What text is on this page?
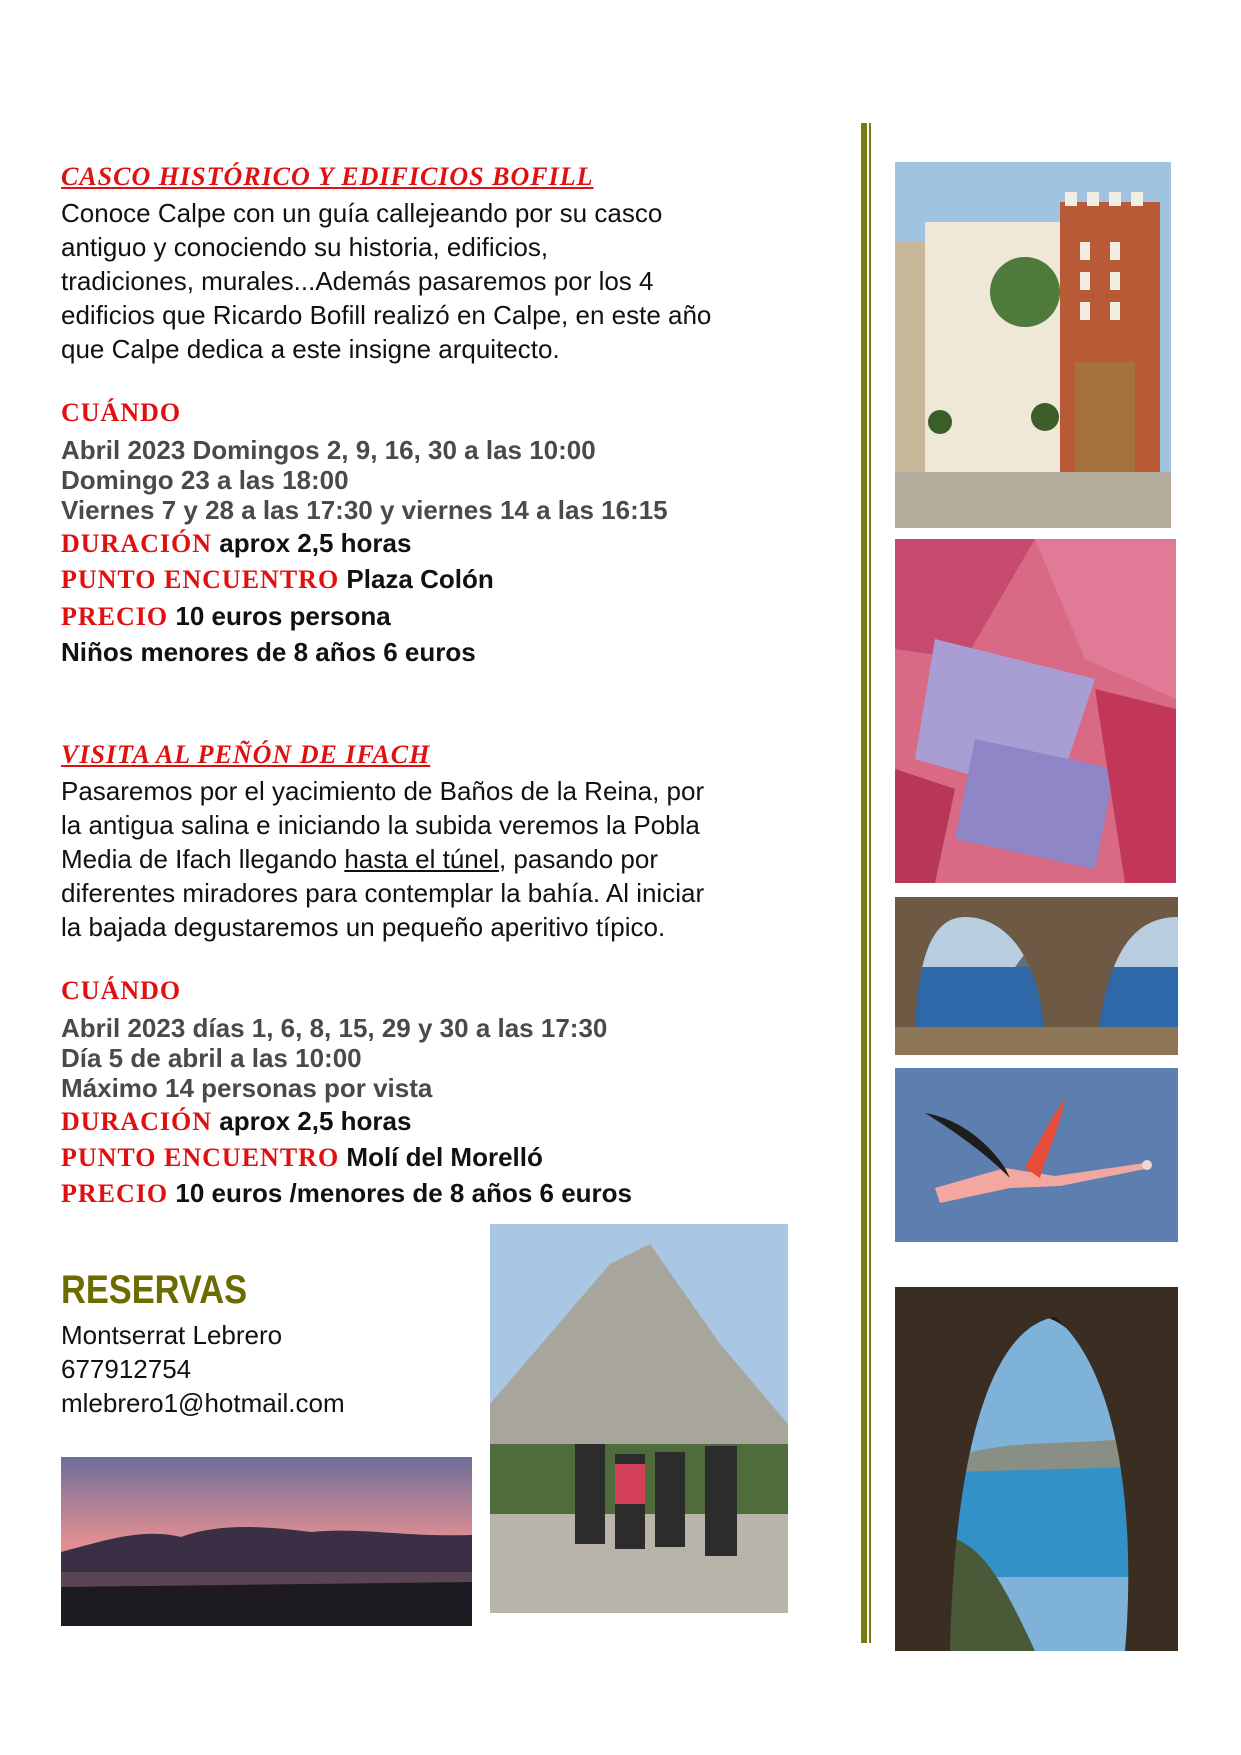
CASCO HISTÓRICO Y EDIFICIOS BOFILL
Conoce Calpe con un guía callejeando por su casco
antiguo y conociendo su historia, edificios,
tradiciones, murales...Además pasaremos por los 4
edificios que Ricardo Bofill realizó en Calpe, en este año
que Calpe dedica a este insigne arquitecto.
CUÁNDO
Abril 2023 Domingos 2, 9, 16, 30 a las 10:00
Domingo 23 a las 18:00
Viernes 7 y 28 a las 17:30 y viernes 14 a las 16:15
DURACIÓN aprox 2,5 horas
PUNTO ENCUENTRO Plaza Colón
PRECIO 10 euros persona
Niños menores de 8 años 6 euros
VISITA AL PEÑÓN DE IFACH
Pasaremos por el yacimiento de Baños de la Reina, por
la antigua salina e iniciando la subida veremos la Pobla
Media de Ifach llegando hasta el túnel, pasando por
diferentes miradores para contemplar la bahía. Al iniciar
la bajada degustaremos un pequeño aperitivo típico.
CUÁNDO
Abril 2023 días 1, 6, 8, 15, 29 y 30 a las 17:30
Día 5 de abril a las 10:00
Máximo 14 personas por vista
DURACIÓN aprox 2,5 horas
PUNTO ENCUENTRO Molí del Morelló
PRECIO 10 euros /menores de 8 años 6 euros
RESERVAS
Montserrat Lebrero
677912754
mlebrero1@hotmail.com
